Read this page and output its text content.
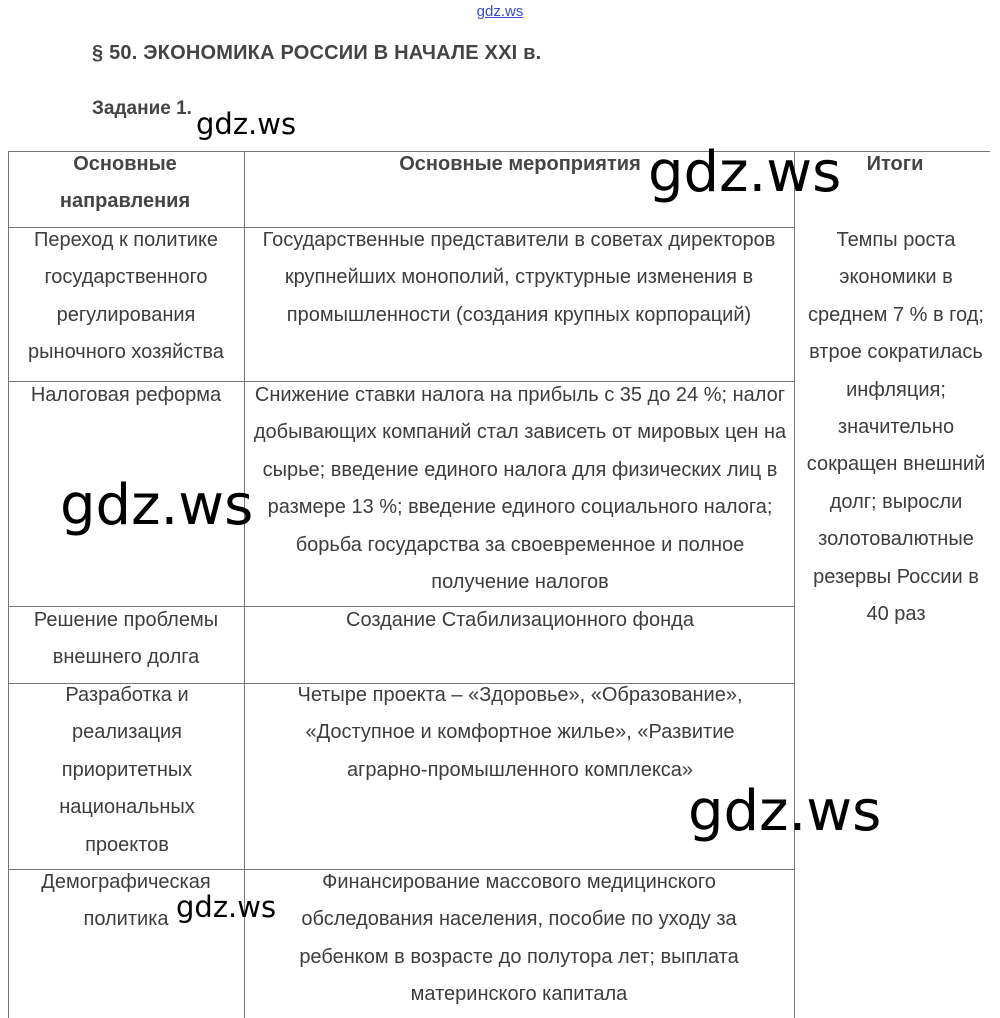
gdz.ws
§ 50. ЭКОНОМИКА РОССИИ В НАЧАЛЕ XXI в.
Задание 1.
Основные направления
Основные мероприятия	Итоги
Переход к политике государственного регулирования рыночного хозяйства
Государственные представители в советах директоров крупнейших монополий, структурные изменения в промышленности (создания крупных корпораций)
Налоговая реформа	Снижение ставки налога на прибыль с 35 до 24 %; налог добывающих компаний стал зависеть от мировых цен на сырье; введение единого налога для физических лиц в размере 13 %; введение единого социального налога; борьба государства за своевременное и полное получение налогов
Решение проблемы внешнего долга
Создание Стабилизационного фонда
Разработка и реализация приоритетных национальных проектов
Четыре проекта – «Здоровье», «Образование», «Доступное и комфортное жилье», «Развитие аграрно-промышленного комплекса»
Демографическая политика
Финансирование массового медицинского обследования населения, пособие по уходу за ребенком в возрасте до полутора лет; выплата материнского капитала
Темпы роста экономики в среднем 7 % в год; втрое сократилась инфляция; значительно сокращен внешний долг; выросли золотовалютные резервы России в 40 раз
gdz.ws
gdz.ws
gdz.ws
gdz.ws
gdz.ws
